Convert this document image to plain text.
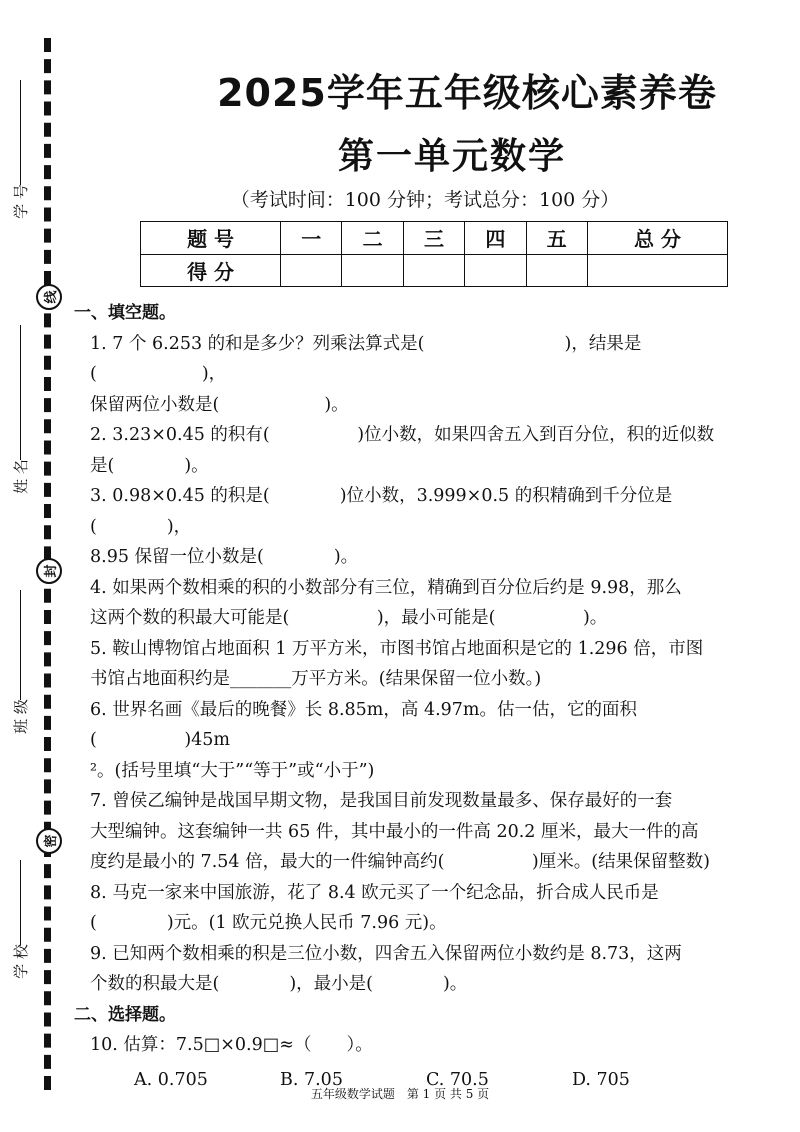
学 号
线
姓 名
封
班 级
密
学 校
2025学年五年级核心素养卷
第一单元数学
（考试时间：100 分钟；考试总分：100 分）
题 号	一	二	三	四	五	总 分
得 分						
一、填空题。

1. 7 个 6.253 的和是多少？列乘法算式是(　　　　　　　　)，结果是(　　　　　　)，

保留两位小数是(　　　　　　)。

2. 3.23×0.45 的积有(　　　　　)位小数，如果四舍五入到百分位，积的近似数

是(　　　　)。

3. 0.98×0.45 的积是(　　　　)位小数，3.999×0.5 的积精确到千分位是(　　　　)，

8.95 保留一位小数是(　　　　)。

4. 如果两个数相乘的积的小数部分有三位，精确到百分位后约是 9.98，那么

这两个数的积最大可能是(　　　　　)，最小可能是(　　　　　)。

5. 鞍山博物馆占地面积 1 万平方米，市图书馆占地面积是它的 1.296 倍，市图

书馆占地面积约是_______万平方米。(结果保留一位小数。)

6. 世界名画《最后的晚餐》长 8.85m，高 4.97m。估一估，它的面积(　　　　　)45m

²。(括号里填“大于”“等于”或“小于”)

7. 曾侯乙编钟是战国早期文物，是我国目前发现数量最多、保存最好的一套

大型编钟。这套编钟一共 65 件，其中最小的一件高 20.2 厘米，最大一件的高

度约是最小的 7.54 倍，最大的一件编钟高约(　　　　　)厘米。(结果保留整数)

8. 马克一家来中国旅游，花了 8.4 欧元买了一个纪念品，折合成人民币是

(　　　　)元。(1 欧元兑换人民币 7.96 元)。

9. 已知两个数相乘的积是三位小数，四舍五入保留两位小数约是 8.73，这两

个数的积最大是(　　　　)，最小是(　　　　)。

二、选择题。

10. 估算：7.5□×0.9□≈（　　）。

A. 0.705	B. 7.05	C. 70.5	D. 705
五年级数学试题　第 1 页 共 5 页
